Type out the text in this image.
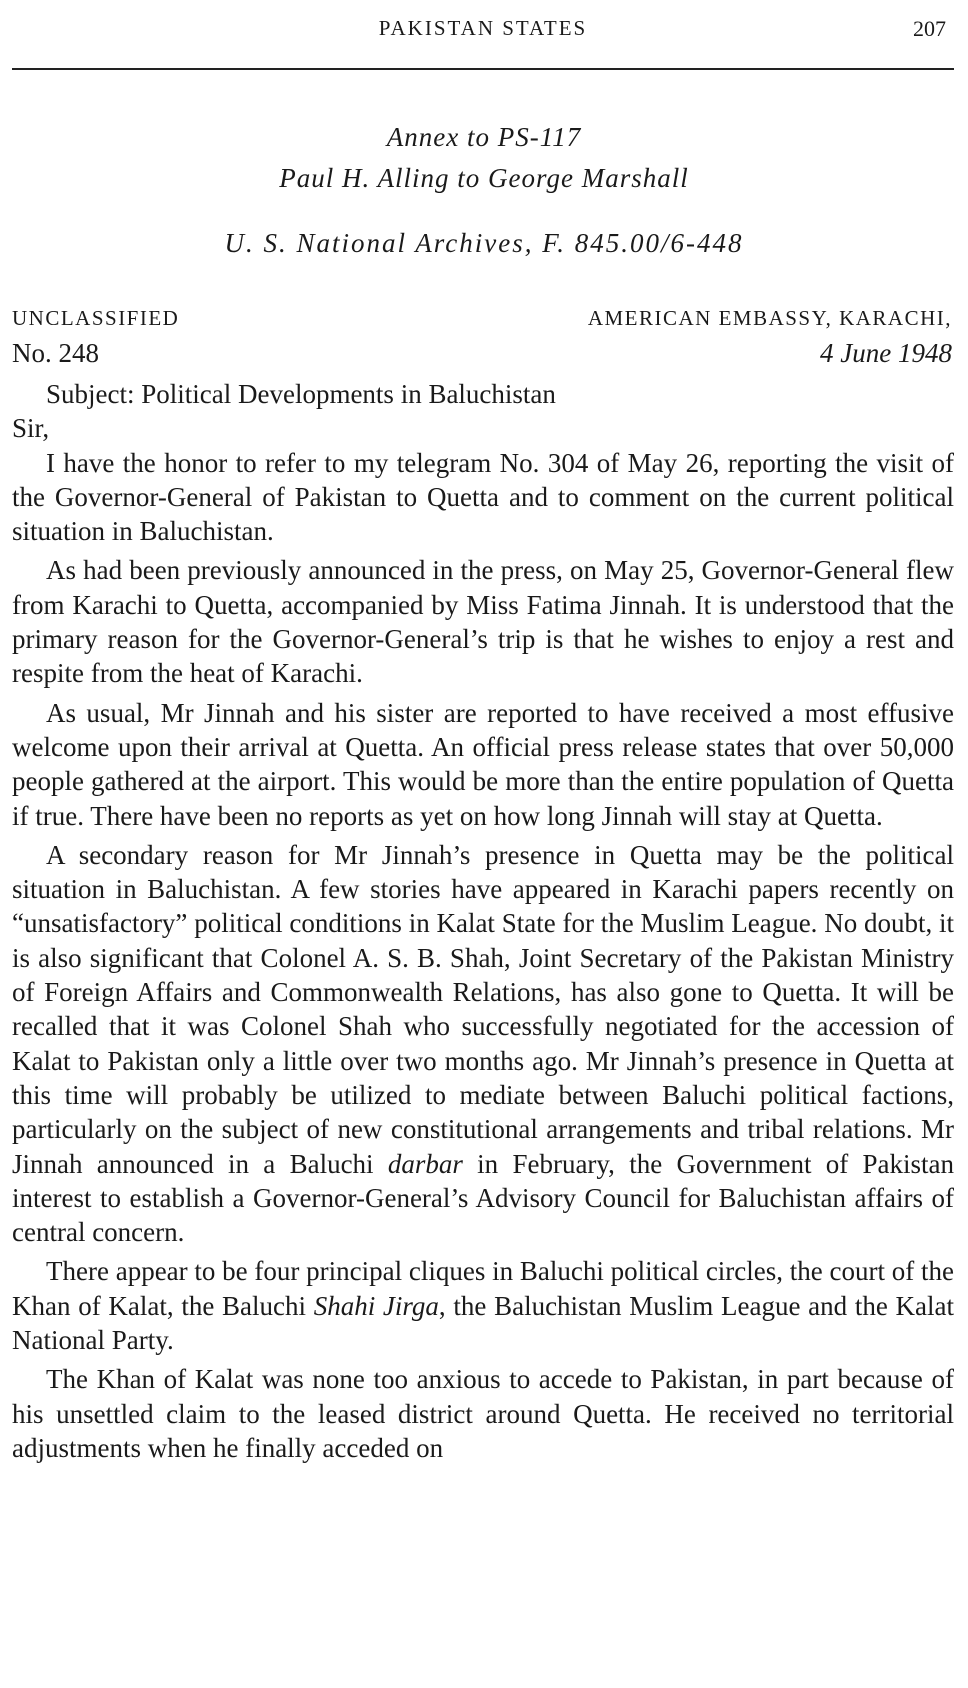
PAKISTAN STATES	207
Annex to PS-117
Paul H. Alling to George Marshall
U. S. National Archives, F. 845.00/6-448
UNCLASSIFIED	AMERICAN EMBASSY, KARACHI,
No. 248	4 June 1948

Subject: Political Developments in Baluchistan

Sir,

I have the honor to refer to my telegram No. 304 of May 26, reporting the visit of the Governor-General of Pakistan to Quetta and to comment on the current political situation in Baluchistan.

As had been previously announced in the press, on May 25, Governor-General flew from Karachi to Quetta, accompanied by Miss Fatima Jinnah. It is understood that the primary reason for the Governor-General’s trip is that he wishes to enjoy a rest and respite from the heat of Karachi.

As usual, Mr Jinnah and his sister are reported to have received a most effusive welcome upon their arrival at Quetta. An official press release states that over 50,000 people gathered at the airport. This would be more than the entire population of Quetta if true. There have been no reports as yet on how long Jinnah will stay at Quetta.

A secondary reason for Mr Jinnah’s presence in Quetta may be the political situation in Baluchistan. A few stories have appeared in Karachi papers recently on “unsatisfactory” political conditions in Kalat State for the Muslim League. No doubt, it is also significant that Colonel A. S. B. Shah, Joint Secretary of the Pakistan Ministry of Foreign Affairs and Commonwealth Relations, has also gone to Quetta. It will be recalled that it was Colonel Shah who successfully negotiated for the accession of Kalat to Pakistan only a little over two months ago. Mr Jinnah’s presence in Quetta at this time will probably be utilized to mediate between Baluchi political factions, particularly on the subject of new constitutional arrangements and tribal relations. Mr Jinnah announced in a Baluchi darbar in February, the Government of Pakistan interest to establish a Governor-General’s Advisory Council for Baluchistan affairs of central concern.

There appear to be four principal cliques in Baluchi political circles, the court of the Khan of Kalat, the Baluchi Shahi Jirga, the Baluchistan Muslim League and the Kalat National Party.

The Khan of Kalat was none too anxious to accede to Pakistan, in part because of his unsettled claim to the leased district around Quetta. He received no territorial adjustments when he finally acceded on
